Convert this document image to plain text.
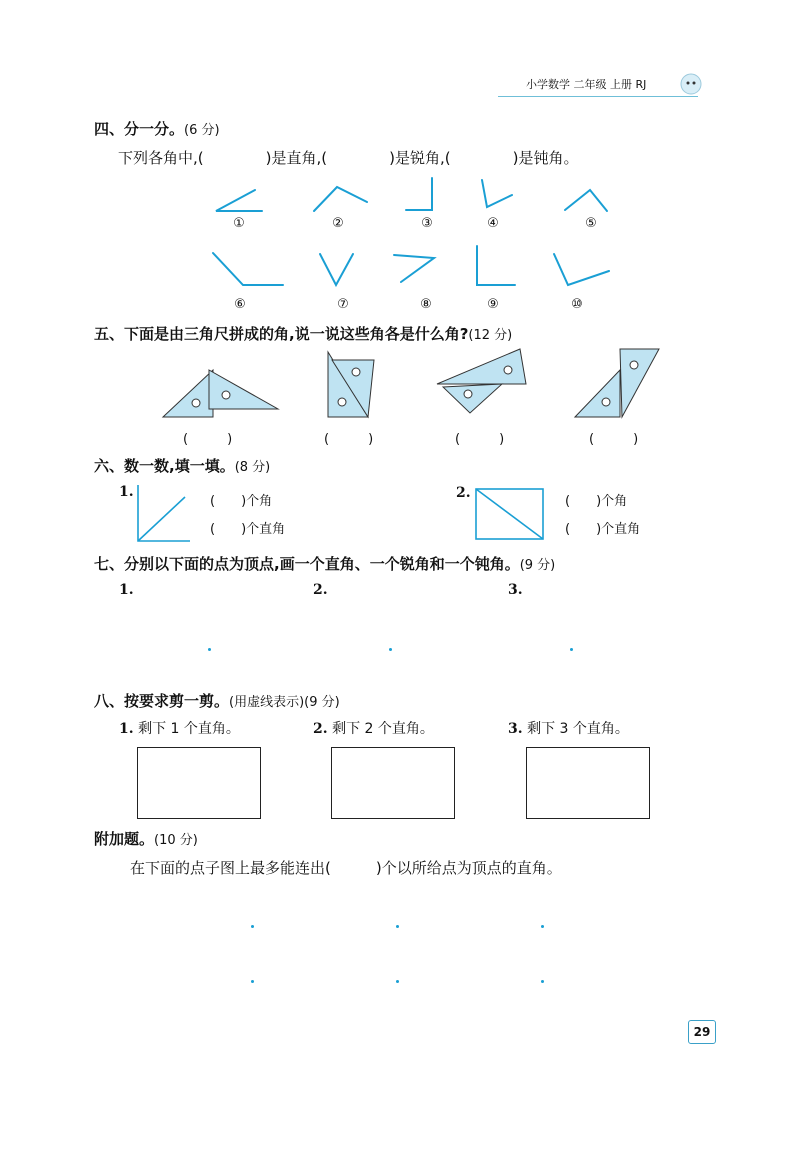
小学数学 二年级 上册 RJ
四、分一分。(6 分)
下列各角中,(	)是直角,(	)是锐角,(	)是钝角。
①	②	③	④	⑤
⑥	⑦	⑧	⑨	⑩
五、下面是由三角尺拼成的角,说一说这些角各是什么角?(12 分)
(　　　)	(　　　)	(　　　)	(　　　)
六、数一数,填一填。(8 分)
1.
(　　)个角
(　　)个直角
2.
(　　)个角
(　　)个直角
七、分别以下面的点为顶点,画一个直角、一个锐角和一个钝角。(9 分)
1.	2.	3.
八、按要求剪一剪。(用虚线表示)(9 分)
1. 剩下 1 个直角。	2. 剩下 2 个直角。	3. 剩下 3 个直角。
附加题。(10 分)
在下面的点子图上最多能连出(　　　)个以所给点为顶点的直角。
29
